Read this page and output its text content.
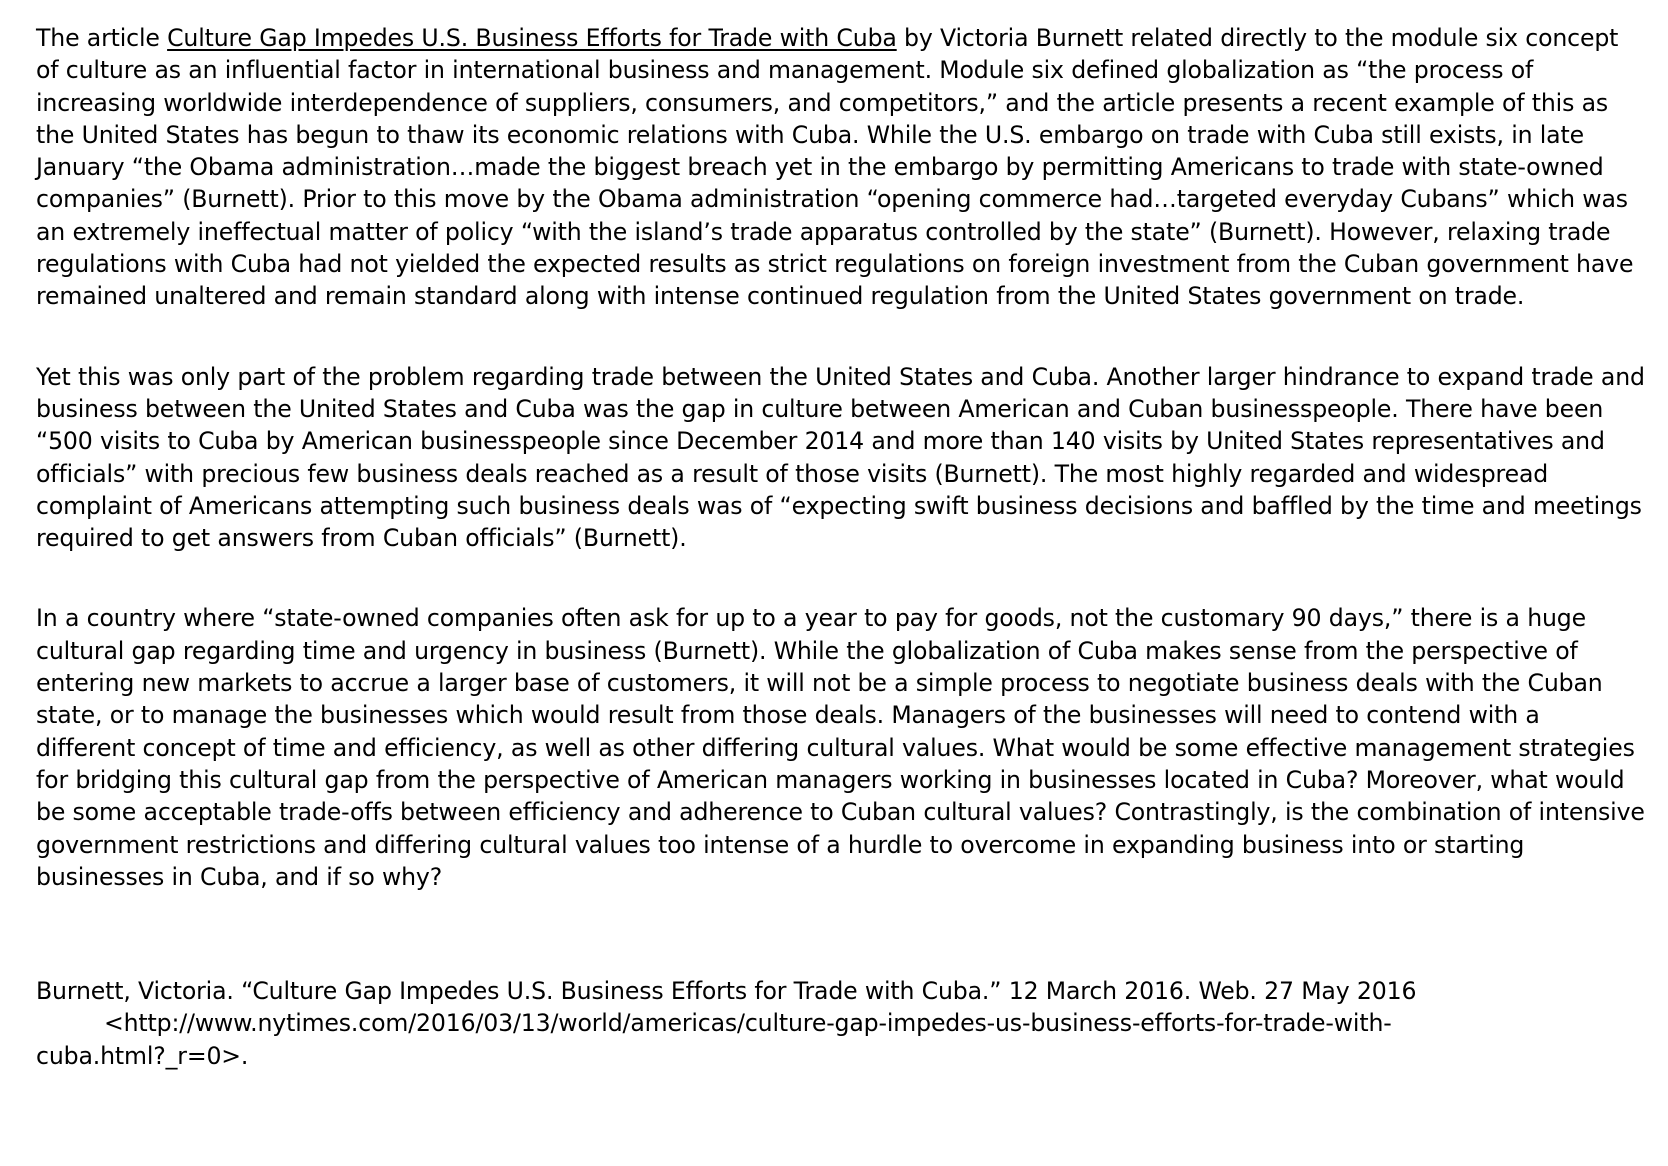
The article Culture Gap Impedes U.S. Business Efforts for Trade with Cuba by Victoria Burnett related directly to the module six concept of culture as an influential factor in international business and management. Module six defined globalization as “the process of increasing worldwide interdependence of suppliers, consumers, and competitors,” and the article presents a recent example of this as the United States has begun to thaw its economic relations with Cuba. While the U.S. embargo on trade with Cuba still exists, in late January “the Obama administration…made the biggest breach yet in the embargo by permitting Americans to trade with state-owned companies” (Burnett). Prior to this move by the Obama administration “opening commerce had…targeted everyday Cubans” which was an extremely ineffectual matter of policy “with the island’s trade apparatus controlled by the state” (Burnett). However, relaxing trade regulations with Cuba had not yielded the expected results as strict regulations on foreign investment from the Cuban government have remained unaltered and remain standard along with intense continued regulation from the United States government on trade.

Yet this was only part of the problem regarding trade between the United States and Cuba. Another larger hindrance to expand trade and business between the United States and Cuba was the gap in culture between American and Cuban businesspeople. There have been “500 visits to Cuba by American businesspeople since December 2014 and more than 140 visits by United States representatives and officials” with precious few business deals reached as a result of those visits (Burnett). The most highly regarded and widespread complaint of Americans attempting such business deals was of “expecting swift business decisions and baffled by the time and meetings required to get answers from Cuban officials” (Burnett).

In a country where “state-owned companies often ask for up to a year to pay for goods, not the customary 90 days,” there is a huge cultural gap regarding time and urgency in business (Burnett). While the globalization of Cuba makes sense from the perspective of entering new markets to accrue a larger base of customers, it will not be a simple process to negotiate business deals with the Cuban state, or to manage the businesses which would result from those deals. Managers of the businesses will need to contend with a different concept of time and efficiency, as well as other differing cultural values. What would be some effective management strategies for bridging this cultural gap from the perspective of American managers working in businesses located in Cuba? Moreover, what would be some acceptable trade-offs between efficiency and adherence to Cuban cultural values? Contrastingly, is the combination of intensive government restrictions and differing cultural values too intense of a hurdle to overcome in expanding business into or starting businesses in Cuba, and if so why?

Burnett, Victoria. “Culture Gap Impedes U.S. Business Efforts for Trade with Cuba.” 12 March 2016. Web. 27 May 2016

<http://www.nytimes.com/2016/03/13/world/americas/culture-gap-impedes-us-business-efforts-for-trade-with-

cuba.html?_r=0>.
